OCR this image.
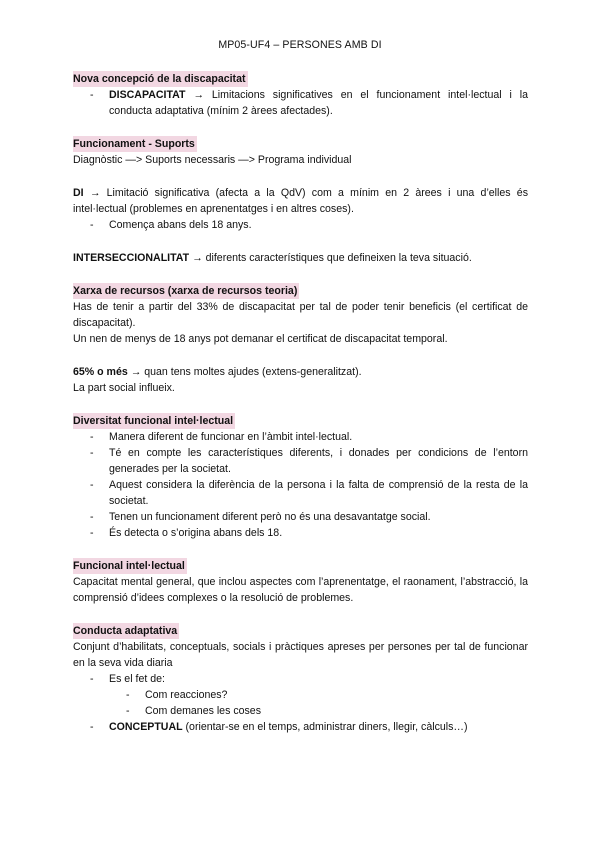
MP05-UF4 – PERSONES AMB DI
Nova concepció de la discapacitat
- DISCAPACITAT → Limitacions significatives en el funcionament intel·lectual i la conducta adaptativa (mínim 2 àrees afectades).
Funcionament - Suports

Diagnòstic —> Suports necessaris —> Programa individual

DI → Limitació significativa (afecta a la QdV) com a mínim en 2 àrees i una d’elles és intel·lectual (problemes en aprenentatges i en altres coses).

- Comença abans dels 18 anys.

INTERSECCIONALITAT → diferents característiques que defineixen la teva situació.

Xarxa de recursos (xarxa de recursos teoria)

Has de tenir a partir del 33% de discapacitat per tal de poder tenir beneficis (el certificat de discapacitat).

Un nen de menys de 18 anys pot demanar el certificat de discapacitat temporal.

65% o més → quan tens moltes ajudes (extens-generalitzat).

La part social influeix.

Diversitat funcional intel·lectual
- Manera diferent de funcionar en l’àmbit intel·lectual.
- Té en compte les característiques diferents, i donades per condicions de l’entorn generades per la societat.
- Aquest considera la diferència de la persona i la falta de comprensió de la resta de la societat.
- Tenen un funcionament diferent però no és una desavantatge social.
- És detecta o s’origina abans dels 18.
Funcional intel·lectual

Capacitat mental general, que inclou aspectes com l’aprenentatge, el raonament, l’abstracció, la comprensió d’idees complexes o la resolució de problemes.

Conducta adaptativa

Conjunt d’habilitats, conceptuals, socials i pràctiques apreses per persones per tal de funcionar en la seva vida diaria

- Es el fet de:
- Com reacciones?
- Com demanes les coses
- CONCEPTUAL (orientar-se en el temps, administrar diners, llegir, càlculs…)
